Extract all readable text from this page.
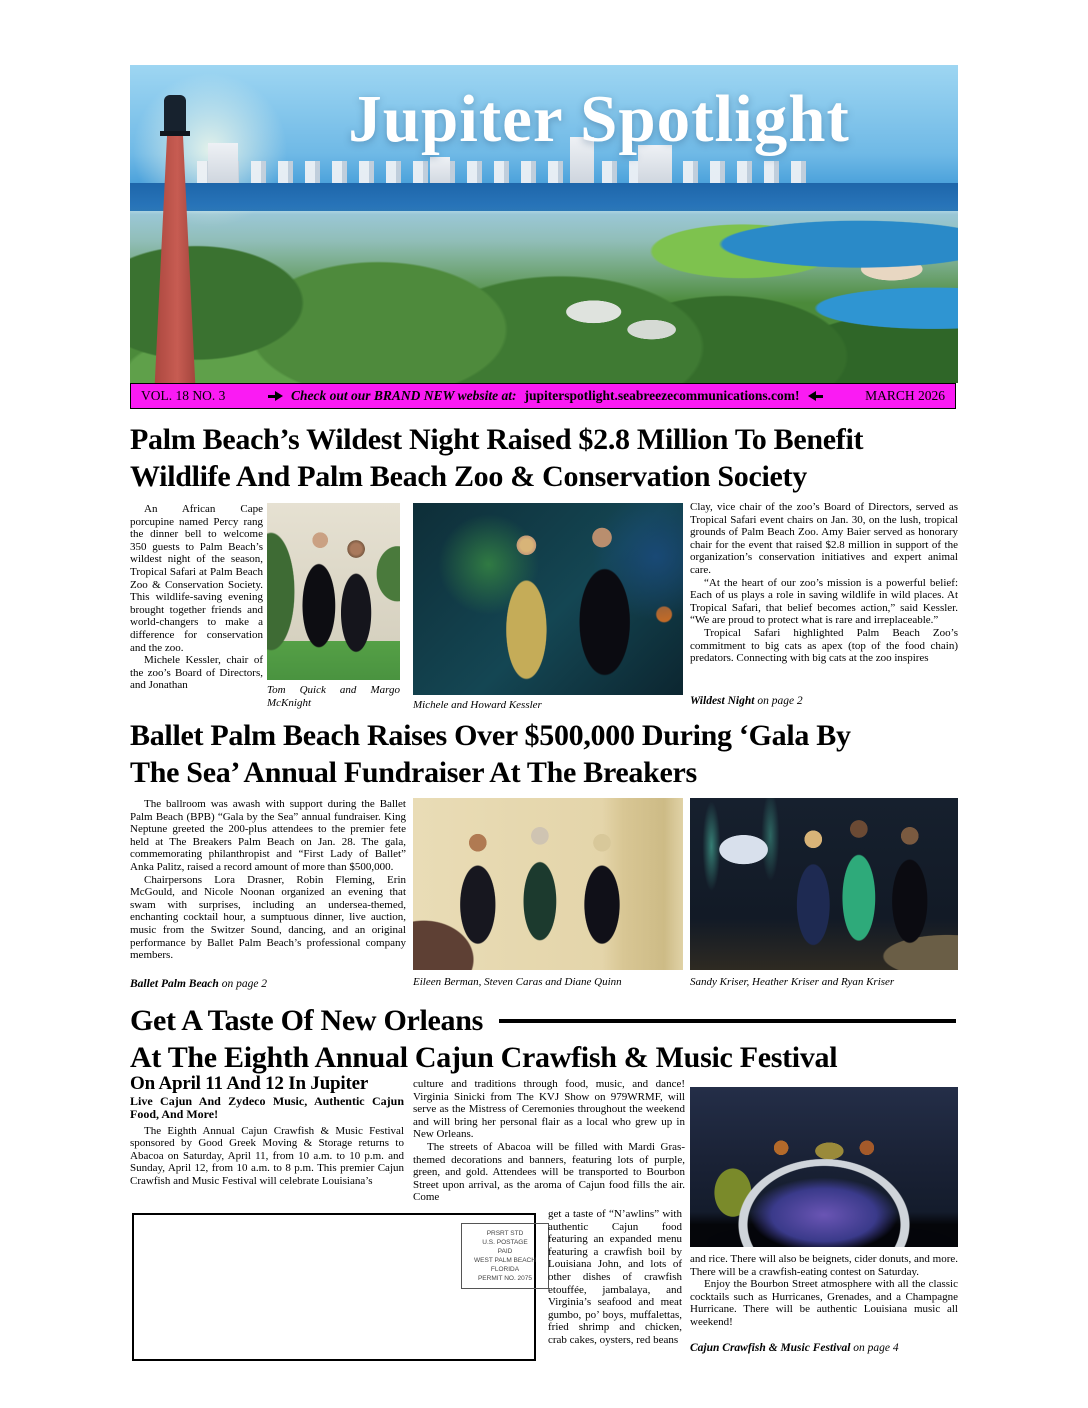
Jupiter Spotlight
VOL. 18 NO. 3	Check out our BRAND NEW website at: jupiterspotlight.seabreezecommunications.com!	MARCH 2026
Palm Beach’s Wildest Night Raised $2.8 Million To Benefit
Wildlife And Palm Beach Zoo & Conservation Society

An African Cape porcupine named Percy rang the dinner bell to welcome 350 guests to Palm Beach’s wildest night of the season, Tropical Safari at Palm Beach Zoo & Conservation Society. This wildlife-saving evening brought together friends and world-changers to make a difference for conservation and the zoo.

Michele Kessler, chair of the zoo’s Board of Directors, and Jonathan	Tom Quick and Margo McKnight	Michele and Howard Kessler

Clay, vice chair of the zoo’s Board of Directors, served as Tropical Safari event chairs on Jan. 30, on the lush, tropical grounds of Palm Beach Zoo. Amy Baier served as honorary chair for the event that raised $2.8 million in support of the organization’s conservation initiatives and expert animal care.

“At the heart of our zoo’s mission is a powerful belief: Each of us plays a role in saving wildlife in wild places. At Tropical Safari, that belief becomes action,” said Kessler. “We are proud to protect what is rare and irreplaceable.”

Tropical Safari highlighted Palm Beach Zoo’s commitment to big cats as apex (top of the food chain) predators. Connecting with big cats at the zoo inspires

Wildest Night on page 2
Ballet Palm Beach Raises Over $500,000 During ‘Gala By
The Sea’ Annual Fundraiser At The Breakers

The ballroom was awash with support during the Ballet Palm Beach (BPB) “Gala by the Sea” annual fundraiser. King Neptune greeted the 200-plus attendees to the premier fete held at The Breakers Palm Beach on Jan. 28. The gala, commemorating philanthropist and “First Lady of Ballet” Anka Palitz, raised a record amount of more than $500,000.

Chairpersons Lora Drasner, Robin Fleming, Erin McGould, and Nicole Noonan organized an evening that swam with surprises, including an undersea-themed, enchanting cocktail hour, a sumptuous dinner, live auction, music from the Switzer Sound, dancing, and an original performance by Ballet Palm Beach’s professional company members.

Ballet Palm Beach on page 2	Eileen Berman, Steven Caras and Diane Quinn	Sandy Kriser, Heather Kriser and Ryan Kriser
Get A Taste Of New Orleans
At The Eighth Annual Cajun Crawfish & Music Festival
On April 11 And 12 In Jupiter
Live Cajun And Zydeco Music, Authentic Cajun Food, And More!

The Eighth Annual Cajun Crawfish & Music Festival sponsored by Good Greek Moving & Storage returns to Abacoa on Saturday, April 11, from 10 a.m. to 10 p.m. and Sunday, April 12, from 10 a.m. to 8 p.m. This premier Cajun Crawfish and Music Festival will celebrate Louisiana’s

culture and traditions through food, music, and dance! Virginia Sinicki from The KVJ Show on 979WRMF, will serve as the Mistress of Ceremonies throughout the weekend and will bring her personal flair as a local who grew up in New Orleans.

The streets of Abacoa will be filled with Mardi Gras-themed decorations and banners, featuring lots of purple, green, and gold. Attendees will be transported to Bourbon Street upon arrival, as the aroma of Cajun food fills the air. Come

PRSRT STD
U.S. POSTAGE
PAID
WEST PALM BEACH
FLORIDA
PERMIT NO. 2075

get a taste of “N’awlins” with authentic Cajun food featuring an expanded menu featuring a crawfish boil by Louisiana John, and lots of other dishes of crawfish etouffée, jambalaya, and Virginia’s seafood and meat gumbo, po’ boys, muffalettas, fried shrimp and chicken, crab cakes, oysters, red beans

and rice. There will also be beignets, cider donuts, and more. There will be a crawfish-eating contest on Saturday.

Enjoy the Bourbon Street atmosphere with all the classic cocktails such as Hurricanes, Grenades, and a Champagne Hurricane. There will be authentic Louisiana music all weekend!

Cajun Crawfish & Music Festival on page 4
